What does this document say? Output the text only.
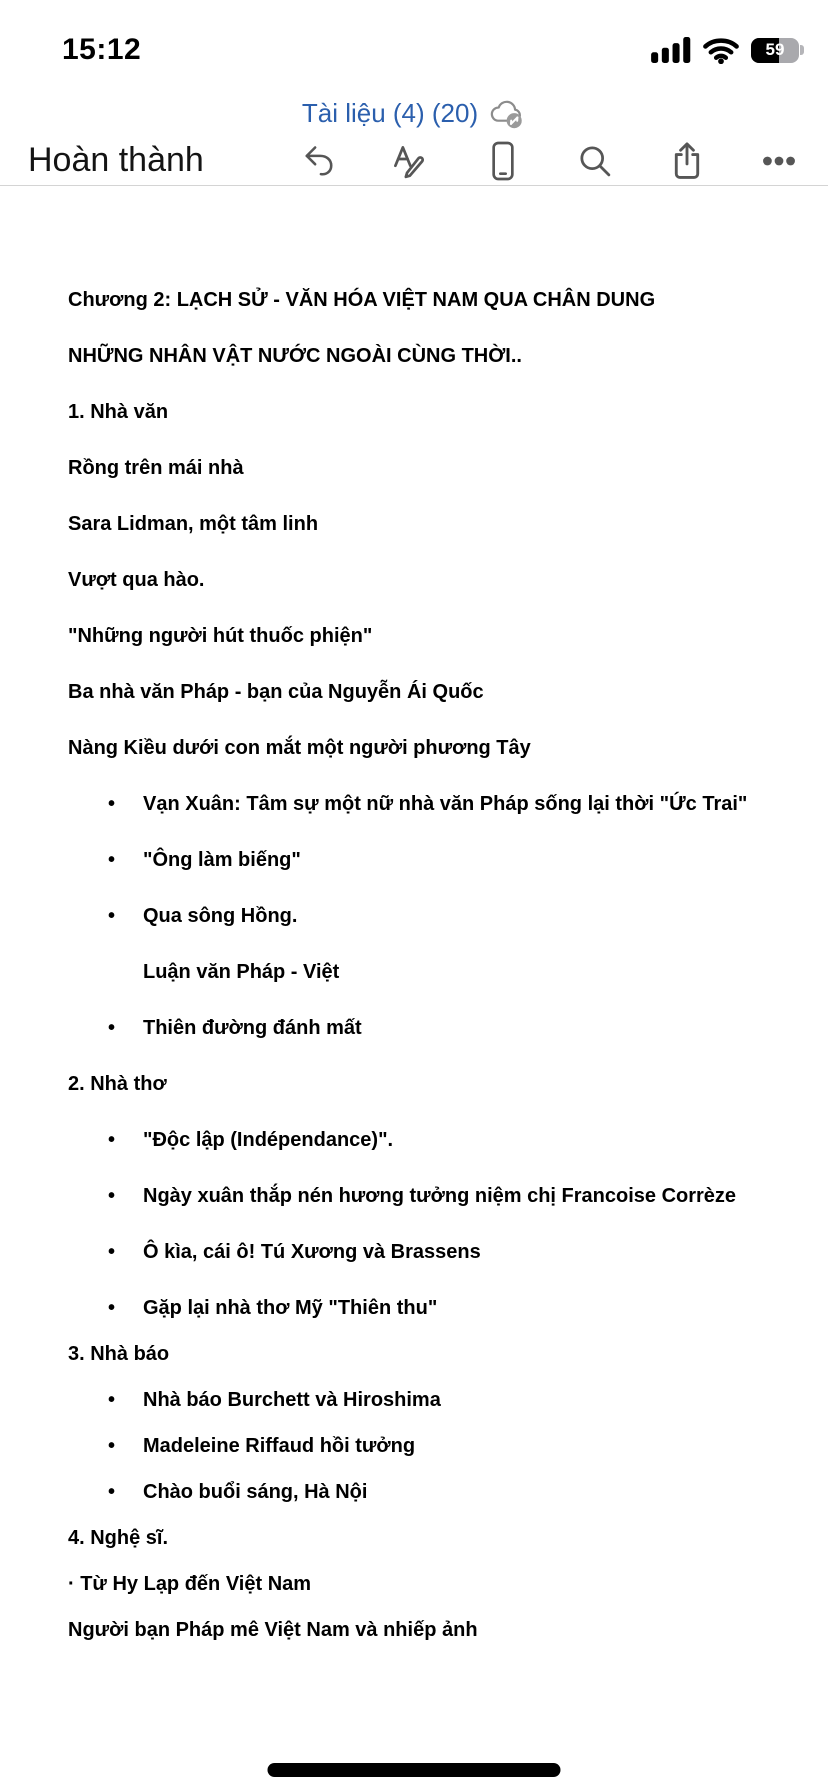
15:12	59
Tài liệu (4) (20)
Hoàn thành
Chương 2: LẠCH SỬ - VĂN HÓA VIỆT NAM QUA CHÂN DUNG
NHỮNG NHÂN VẬT NƯỚC NGOÀI CÙNG THỜI..
1. Nhà văn
Rồng trên mái nhà
Sara Lidman, một tâm linh
Vượt qua hào.
"Những người hút thuốc phiện"
Ba nhà văn Pháp - bạn của Nguyễn Ái Quốc
Nàng Kiều dưới con mắt một người phương Tây
•	Vạn Xuân: Tâm sự một nữ nhà văn Pháp sống lại thời "Ức Trai"
•	"Ông làm biếng"
•	Qua sông Hồng.
Luận văn Pháp - Việt
•	Thiên đường đánh mất
2. Nhà thơ
•	"Độc lập (Indépendance)".
•	Ngày xuân thắp nén hương tưởng niệm chị Francoise Corrèze
•	Ô kìa, cái ô! Tú Xương và Brassens
•	Gặp lại nhà thơ Mỹ "Thiên thu"
3. Nhà báo
•	Nhà báo Burchett và Hiroshima
•	Madeleine Riffaud hồi tưởng
•	Chào buổi sáng, Hà Nội
4. Nghệ sĩ.
· Từ Hy Lạp đến Việt Nam
Người bạn Pháp mê Việt Nam và nhiếp ảnh
